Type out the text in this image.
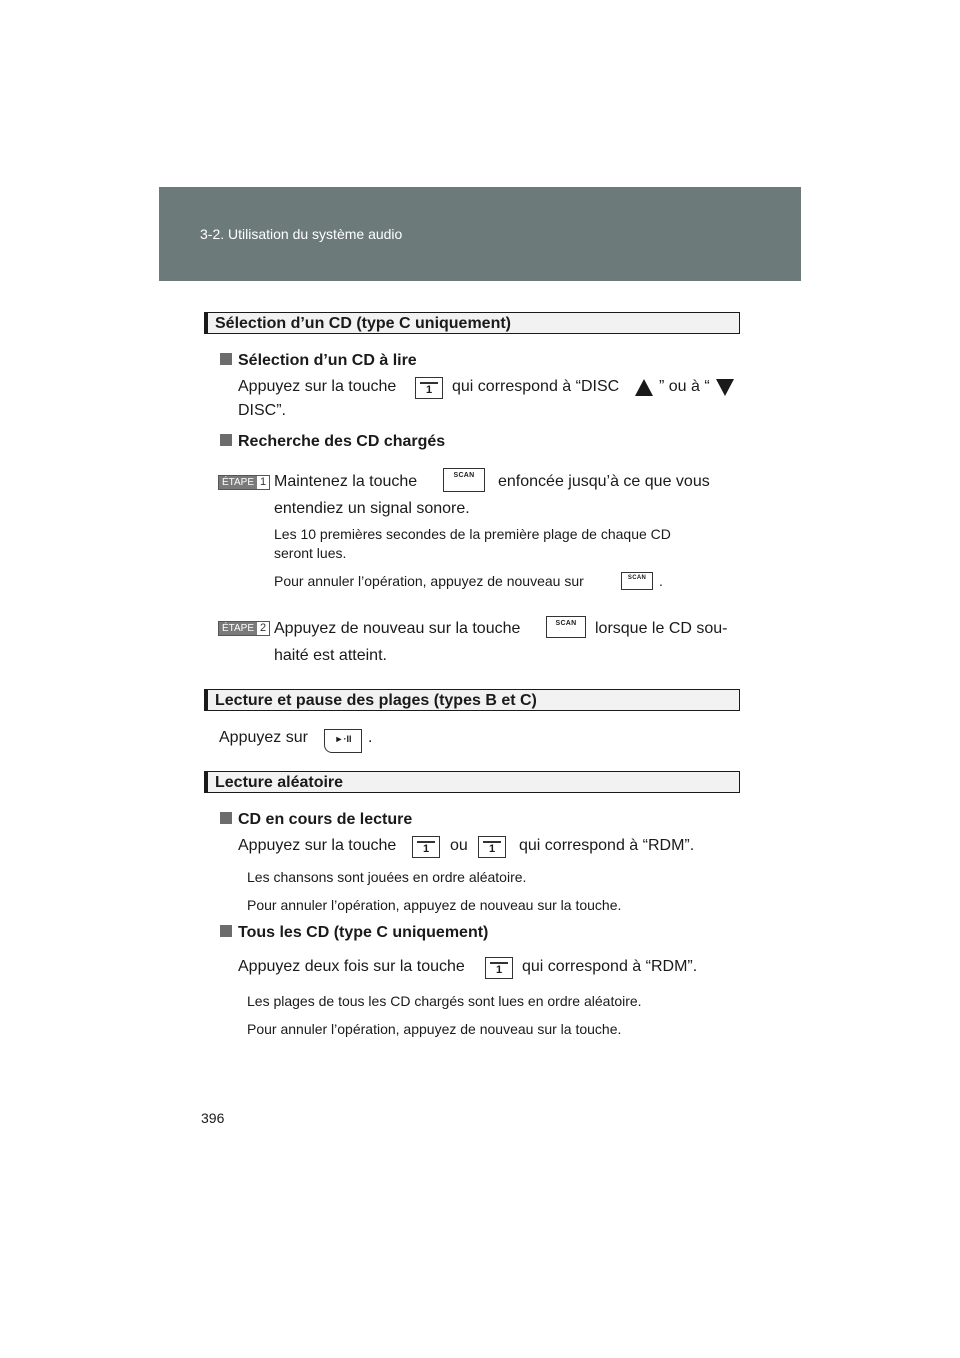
3-2. Utilisation du système audio
Sélection d’un CD (type C uniquement)
Sélection d’un CD à lire
Appuyez sur la touche	1	qui correspond à “DISC ” ou à “
DISC”.
Recherche des CD chargés
ÉTAPE 1 Maintenez la touche	SCAN	enfoncée jusqu’à ce que vous
entendiez un signal sonore.
Les 10 premières secondes de la première plage de chaque CD
seront lues.
Pour annuler l’opération, appuyez de nouveau sur	SCAN .
ÉTAPE 2 Appuyez de nouveau sur la touche	SCAN	lorsque le CD sou-
haité est atteint.
Lecture et pause des plages (types B et C)
Appuyez sur	►·II	.
Lecture aléatoire
CD en cours de lecture
Appuyez sur la touche	1	ou	1	qui correspond à “RDM”.
Les chansons sont jouées en ordre aléatoire.
Pour annuler l’opération, appuyez de nouveau sur la touche.
Tous les CD (type C uniquement)
Appuyez deux fois sur la touche	1	qui correspond à “RDM”.
Les plages de tous les CD chargés sont lues en ordre aléatoire.
Pour annuler l’opération, appuyez de nouveau sur la touche.
396
